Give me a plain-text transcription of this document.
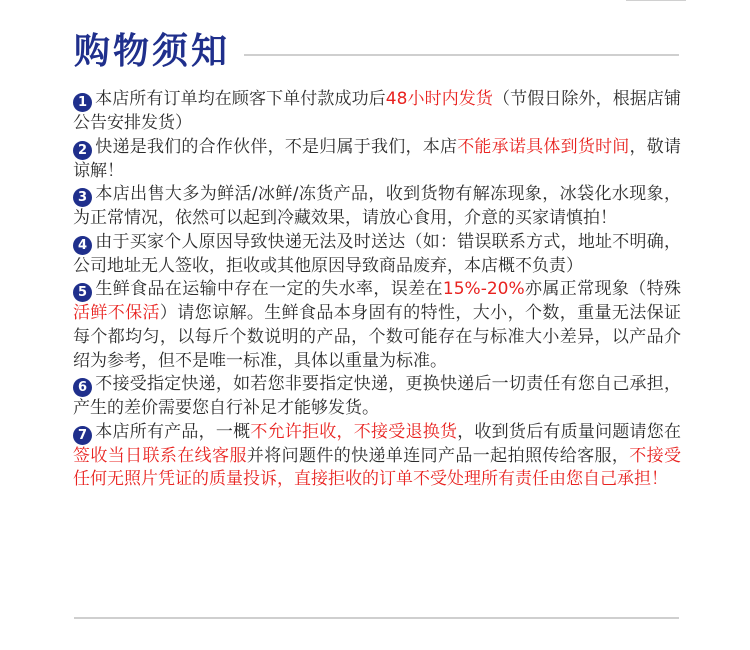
购物须知

1 本店所有订单均在顾客下单付款成功后48小时内发货（节假日除外，根据店铺公告安排发货）

2 快递是我们的合作伙伴，不是归属于我们，本店不能承诺具体到货时间，敬请谅解！

3 本店出售大多为鲜活/冰鲜/冻货产品，收到货物有解冻现象，冰袋化水现象，为正常情况，依然可以起到冷藏效果，请放心食用，介意的买家请慎拍！

4 由于买家个人原因导致快递无法及时送达（如：错误联系方式，地址不明确，公司地址无人签收，拒收或其他原因导致商品废弃，本店概不负责）

5 生鲜食品在运输中存在一定的失水率，误差在15%-20%亦属正常现象（特殊活鲜不保活）请您谅解。生鲜食品本身固有的特性，大小，个数，重量无法保证每个都均匀，以每斤个数说明的产品，个数可能存在与标准大小差异，以产品介绍为参考，但不是唯一标准，具体以重量为标准。

6 不接受指定快递，如若您非要指定快递，更换快递后一切责任有您自己承担，产生的差价需要您自行补足才能够发货。

7 本店所有产品，一概不允许拒收，不接受退换货，收到货后有质量问题请您在签收当日联系在线客服并将问题件的快递单连同产品一起拍照传给客服，不接受任何无照片凭证的质量投诉，直接拒收的订单不受处理所有责任由您自己承担！
